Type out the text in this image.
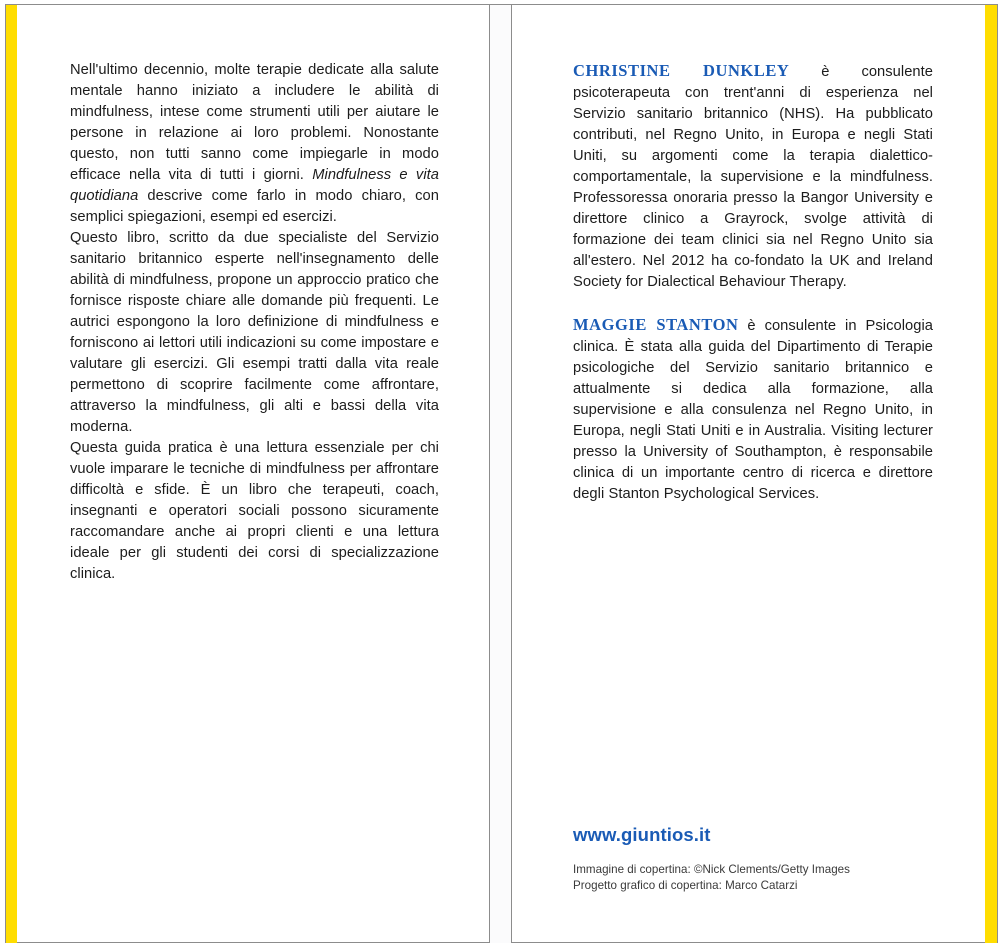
Nell'ultimo decennio, molte terapie dedicate alla salute mentale hanno iniziato a includere le abilità di mindfulness, intese come strumenti utili per aiutare le persone in relazione ai loro problemi. Nonostante questo, non tutti sanno come impiegarle in modo efficace nella vita di tutti i giorni. Mindfulness e vita quotidiana descrive come farlo in modo chiaro, con semplici spiegazioni, esempi ed esercizi.

Questo libro, scritto da due specialiste del Servizio sanitario britannico esperte nell'insegnamento delle abilità di mindfulness, propone un approccio pratico che fornisce risposte chiare alle domande più frequenti. Le autrici espongono la loro definizione di mindfulness e forniscono ai lettori utili indicazioni su come impostare e valutare gli esercizi. Gli esempi tratti dalla vita reale permettono di scoprire facilmente come affrontare, attraverso la mindfulness, gli alti e bassi della vita moderna.

Questa guida pratica è una lettura essenziale per chi vuole imparare le tecniche di mindfulness per affrontare difficoltà e sfide. È un libro che terapeuti, coach, insegnanti e operatori sociali possono sicuramente raccomandare anche ai propri clienti e una lettura ideale per gli studenti dei corsi di specializzazione clinica.

CHRISTINE DUNKLEY è consulente psicoterapeuta con trent'anni di esperienza nel Servizio sanitario britannico (NHS). Ha pubblicato contributi, nel Regno Unito, in Europa e negli Stati Uniti, su argomenti come la terapia dialettico-comportamentale, la supervisione e la mindfulness. Professoressa onoraria presso la Bangor University e direttore clinico a Grayrock, svolge attività di formazione dei team clinici sia nel Regno Unito sia all'estero. Nel 2012 ha co-fondato la UK and Ireland Society for Dialectical Behaviour Therapy.

MAGGIE STANTON è consulente in Psicologia clinica. È stata alla guida del Dipartimento di Terapie psicologiche del Servizio sanitario britannico e attualmente si dedica alla formazione, alla supervisione e alla consulenza nel Regno Unito, in Europa, negli Stati Uniti e in Australia. Visiting lecturer presso la University of Southampton, è responsabile clinica di un importante centro di ricerca e direttore degli Stanton Psychological Services.

www.giuntios.it

Immagine di copertina: ©Nick Clements/Getty Images

Progetto grafico di copertina: Marco Catarzi
